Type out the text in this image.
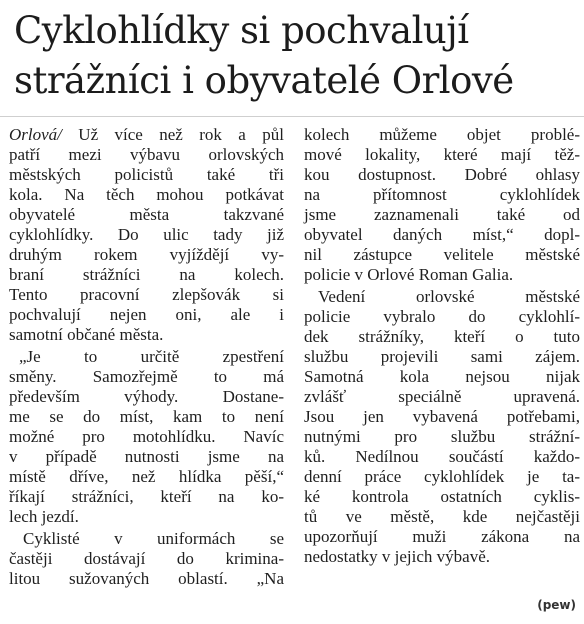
Cyklohlídky si pochvalují
strážníci i obyvatelé Orlové
Orlová/ Už více než rok a půl
patří mezi výbavu orlovských
městských policistů také tři
kola. Na těch mohou potkávat
obyvatelé města takzvané
cyklohlídky. Do ulic tady již
druhým rokem vyjíždějí vy-
braní strážníci na kolech.
Tento pracovní zlepšovák si
pochvalují nejen oni, ale i
samotní občané města.
„Je to určitě zpestření
směny. Samozřejmě to má
především výhody. Dostane-
me se do míst, kam to není
možné pro motohlídku. Navíc
v případě nutnosti jsme na
místě dříve, než hlídka pěší,“
říkají strážníci, kteří na ko-
lech jezdí.
Cyklisté v uniformách se
častěji dostávají do krimina-
litou sužovaných oblastí. „Na
kolech můžeme objet problé-
mové lokality, které mají těž-
kou dostupnost. Dobré ohlasy
na přítomnost cyklohlídek
jsme zaznamenali také od
obyvatel daných míst,“ dopl-
nil zástupce velitele městské
policie v Orlové Roman Galia.
Vedení orlovské městské
policie vybralo do cyklohlí-
dek strážníky, kteří o tuto
službu projevili sami zájem.
Samotná kola nejsou nijak
zvlášť speciálně upravená.
Jsou jen vybavená potřebami,
nutnými pro službu strážní-
ků. Nedílnou součástí každo-
denní práce cyklohlídek je ta-
ké kontrola ostatních cyklis-
tů ve městě, kde nejčastěji
upozorňují muži zákona na
nedostatky v jejich výbavě.
(pew)
